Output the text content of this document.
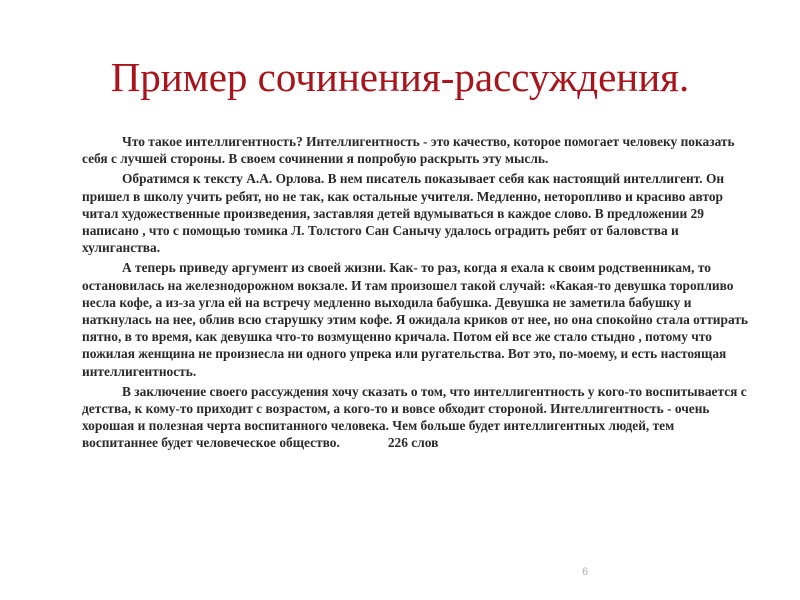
Пример сочинения-рассуждения.

Что такое интеллигентность? Интеллигентность - это качество, которое помогает человеку показать себя с лучшей стороны. В своем сочинении я попробую раскрыть эту мысль.

Обратимся к тексту А.А. Орлова. В нем писатель показывает себя как настоящий интеллигент. Он пришел в школу учить ребят, но не так, как остальные учителя. Медленно, неторопливо и красиво автор читал художественные произведения, заставляя детей вдумываться в каждое слово. В предложении 29 написано , что с помощью томика Л. Толстого Сан Санычу удалось оградить ребят от баловства и хулиганства.

А теперь приведу аргумент из своей жизни. Как- то раз, когда я ехала к своим родственникам, то остановилась на железнодорожном вокзале. И там произошел такой случай: «Какая-то девушка торопливо несла кофе, а из-за угла ей на встречу медленно выходила бабушка. Девушка не заметила бабушку и наткнулась на нее, облив всю старушку этим кофе. Я ожидала криков от нее, но она спокойно стала оттирать пятно, в то время, как девушка что-то возмущенно кричала. Потом ей все же стало стыдно , потому что пожилая женщина не произнесла ни одного упрека или ругательства. Вот это, по-моему, и есть настоящая интеллигентность.

В заключение своего рассуждения хочу сказать о том, что интеллигентность у кого-то воспитывается с детства, к кому-то приходит с возрастом, а кого-то и вовсе обходит стороной. Интеллигентность - очень хорошая и полезная черта воспитанного человека. Чем больше будет интеллигентных людей, тем воспитаннее будет человеческое общество.	226 слов

6
